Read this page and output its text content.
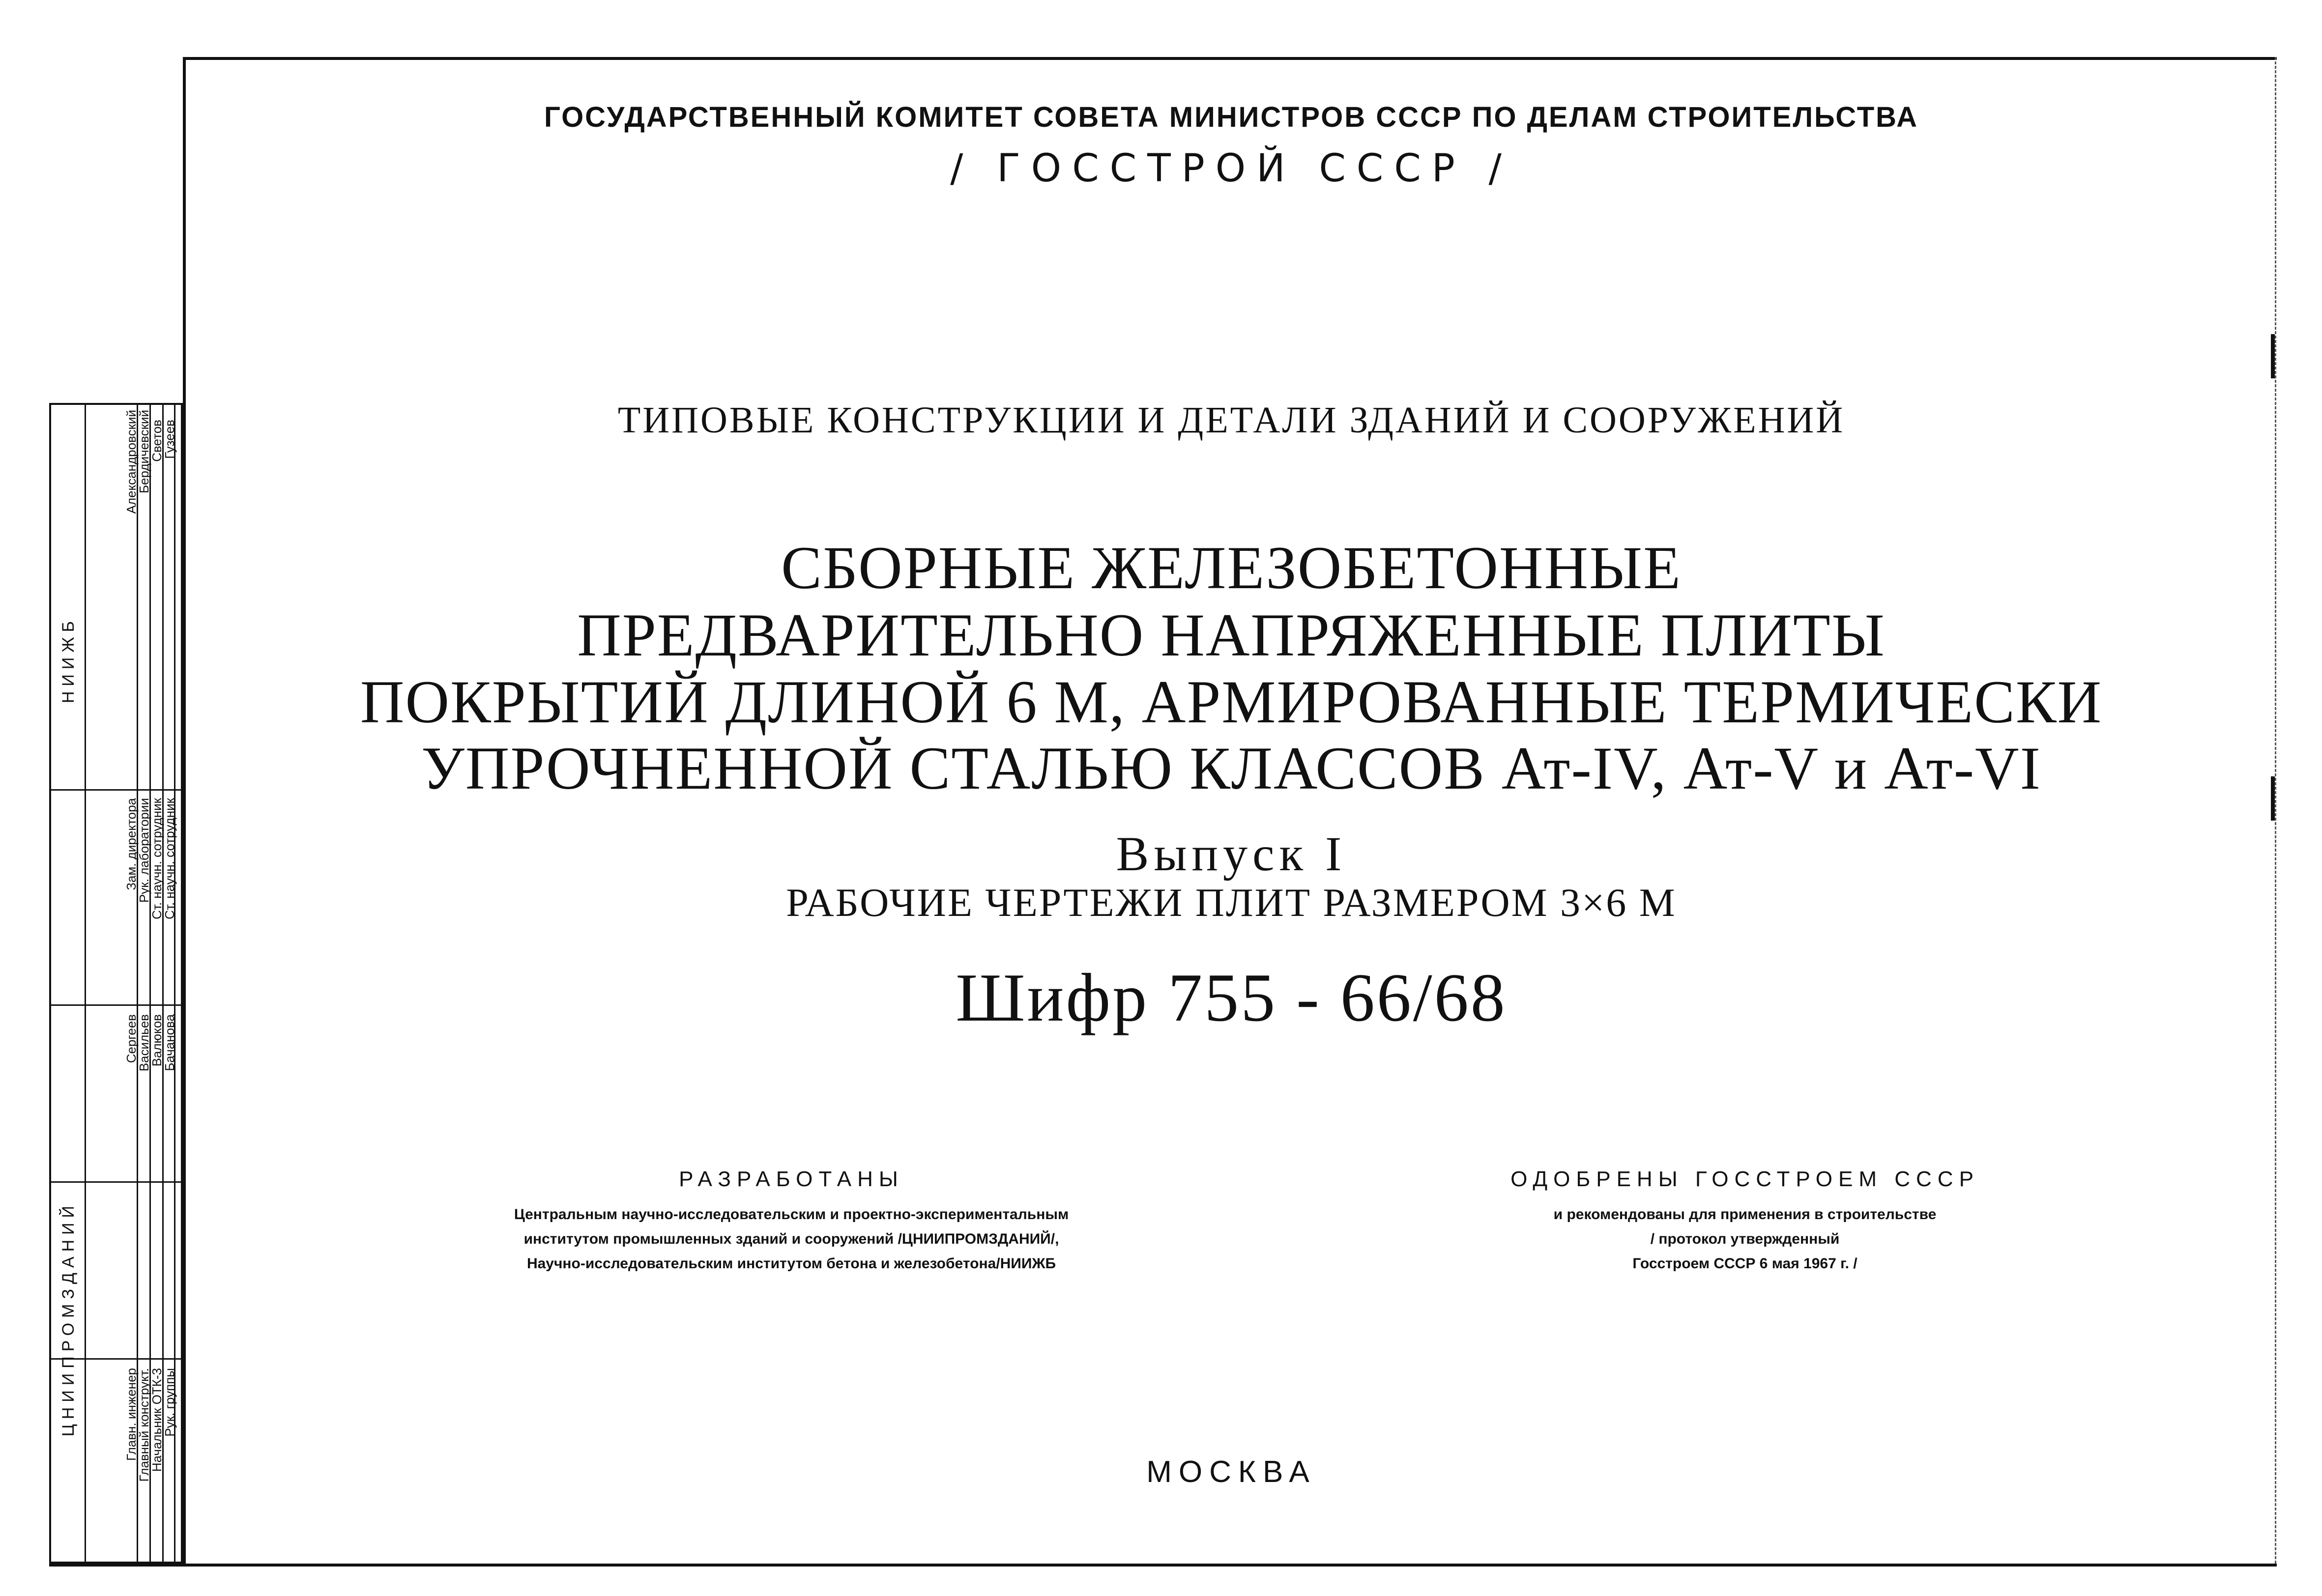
ГОСУДАРСТВЕННЫЙ КОМИТЕТ СОВЕТА МИНИСТРОВ СССР ПО ДЕЛАМ СТРОИТЕЛЬСТВА
/ ГОССТРОЙ СССР /
ТИПОВЫЕ КОНСТРУКЦИИ И ДЕТАЛИ ЗДАНИЙ И СООРУЖЕНИЙ
СБОРНЫЕ ЖЕЛЕЗОБЕТОННЫЕ
ПРЕДВАРИТЕЛЬНО НАПРЯЖЕННЫЕ ПЛИТЫ
ПОКРЫТИЙ ДЛИНОЙ 6 М, АРМИРОВАННЫЕ ТЕРМИЧЕСКИ
УПРОЧНЕННОЙ СТАЛЬЮ КЛАССОВ Ат-IV, Ат-V и Ат-VI
Выпуск I
РАБОЧИЕ ЧЕРТЕЖИ ПЛИТ РАЗМЕРОМ 3×6 М
Шифр 755 - 66/68
РАЗРАБОТАНЫ
Центральным научно-исследовательским и проектно-экспериментальным
институтом промышленных зданий и сооружений /ЦНИИПРОМЗДАНИЙ/,
Научно-исследовательским институтом бетона и железобетона/НИИЖБ
ОДОБРЕНЫ ГОССТРОЕМ СССР
и рекомендованы для применения в строительстве
/ протокол утвержденный
Госстроем СССР 6 мая 1967 г. /
МОСКВА
Александровский
Бердичевский
Светов
Гузеев
НИИЖБ
Зам. директора
Рук. лаборатории
Ст. научн. сотрудник
Ст. научн. сотрудник
Сергеев
Васильев
Валюков
Бачанова
ЦНИИПРОМЗДАНИЙ	Главн. инженер
Главный конструкт.
Начальник ОТК-3
Рук. группы
